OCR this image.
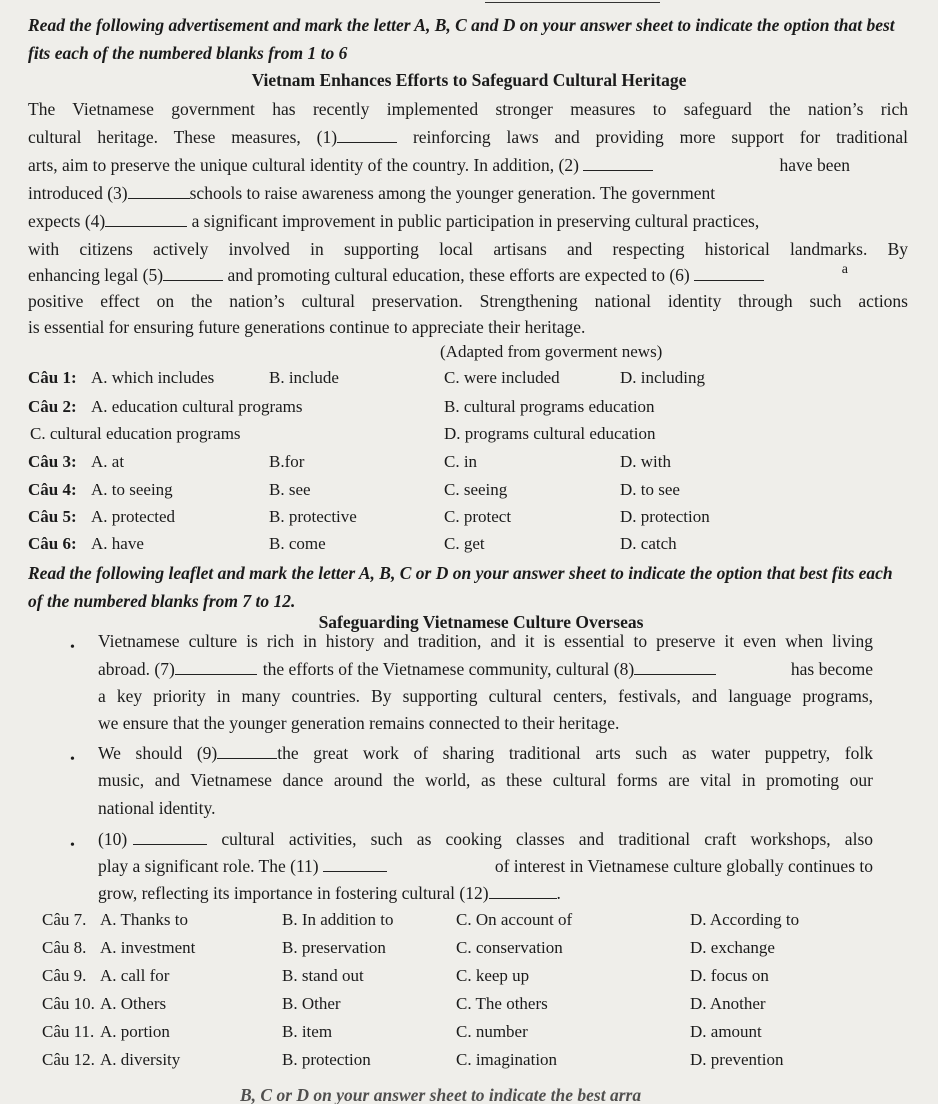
Read the following advertisement and mark the letter A, B, C and D on your answer sheet to indicate the option that best fits each of the numbered blanks from 1 to 6
Vietnam Enhances Efforts to Safeguard Cultural Heritage
The Vietnamese government has recently implemented stronger measures to safeguard the nation’s rich
cultural heritage. These measures, (1)	reinforcing laws and providing more support for traditional
arts, aim to preserve the unique cultural identity of the country. In addition, (2)	have been
introduced (3)	schools to raise awareness among the younger generation. The government
expects (4)	a significant improvement in public participation in preserving cultural practices,
with citizens actively involved in supporting local artisans and respecting historical landmarks. By
enhancing legal (5)	and promoting cultural education, these efforts are expected to (6)	a
positive effect on the nation’s cultural preservation. Strengthening national identity through such actions
is essential for ensuring future generations continue to appreciate their heritage.
(Adapted from goverment news)
Câu 1: A. which includes	B. include	C. were included	D. including
Câu 2: A. education cultural programs	B. cultural programs education
C. cultural education programs	D. programs cultural education
Câu 3: A. at	B.for	C. in	D. with
Câu 4: A. to seeing	B. see	C. seeing	D. to see
Câu 5: A. protected	B. protective	C. protect	D. protection
Câu 6: A. have	B. come	C. get	D. catch
Read the following leaflet and mark the letter A, B, C or D on your answer sheet to indicate the option that best fits each of the numbered blanks from 7 to 12.
Safeguarding Vietnamese Culture Overseas
• Vietnamese culture is rich in history and tradition, and it is essential to preserve it even when living
abroad. (7)	the efforts of the Vietnamese community, cultural (8)	has become
a key priority in many countries. By supporting cultural centers, festivals, and language programs,
we ensure that the younger generation remains connected to their heritage.
• We should (9)	the great work of sharing traditional arts such as water puppetry, folk
music, and Vietnamese dance around the world, as these cultural forms are vital in promoting our
national identity.
• (10)	cultural activities, such as cooking classes and traditional craft workshops, also
play a significant role. The (11)	of interest in Vietnamese culture globally continues to
grow, reflecting its importance in fostering cultural (12)	.
Câu 7. A. Thanks to	B. In addition to	C. On account of	D. According to
Câu 8. A. investment	B. preservation	C. conservation	D. exchange
Câu 9. A. call for	B. stand out	C. keep up	D. focus on
Câu 10. A. Others	B. Other	C. The others	D. Another
Câu 11. A. portion	B. item	C. number	D. amount
Câu 12. A. diversity	B. protection	C. imagination	D. prevention
B, C or D on your answer sheet to indicate the best arra
